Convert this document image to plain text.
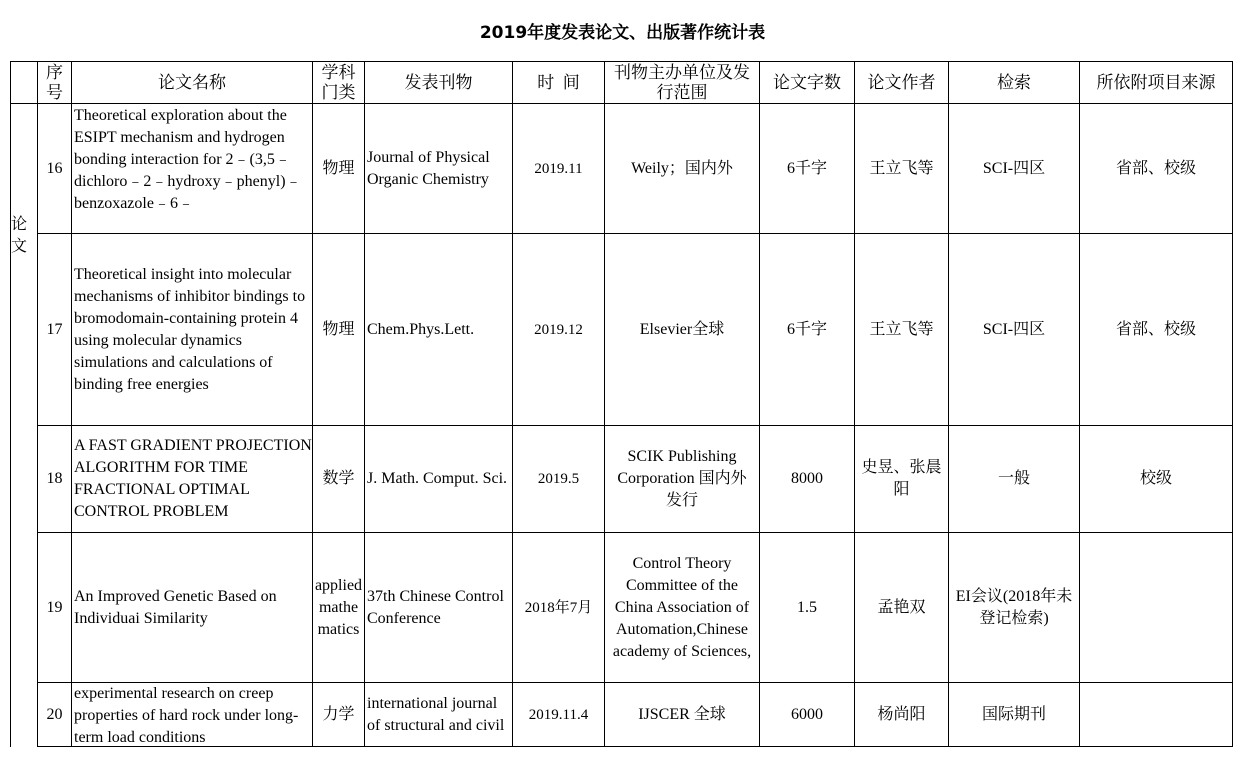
2019年度发表论文、出版著作统计表
	序号	论文名称	学科门类	发表刊物	时  间	刊物主办单位及发行范围	论文字数	论文作者	检索	所依附项目来源
论文	16	Theoretical exploration about the ESIPT mechanism and hydrogen bonding interaction for 2﹣(3,5﹣dichloro﹣2﹣hydroxy﹣phenyl)﹣benzoxazole﹣6﹣	物理	Journal of Physical Organic Chemistry	2019.11	Weily；国内外	6千字	王立飞等	SCI-四区	省部、校级
	17	Theoretical insight into molecular mechanisms of inhibitor bindings to bromodomain-containing protein 4 using molecular dynamics simulations and calculations of binding free energies	物理	Chem.Phys.Lett.	2019.12	Elsevier全球	6千字	王立飞等	SCI-四区	省部、校级
	18	A FAST GRADIENT PROJECTION ALGORITHM FOR TIME FRACTIONAL OPTIMAL CONTROL PROBLEM	数学	J. Math. Comput. Sci.	2019.5	SCIK Publishing Corporation 国内外发行	8000	史昱、张晨阳	一般	校级
	19	An Improved Genetic Based on Individuai Similarity	applied mathematics	37th Chinese Control Conference	2018年7月	Control Theory Committee of the China Association of Automation,Chinese academy of Sciences,	1.5	孟艳双	EI会议(2018年未登记检索)	
	20	experimental research on creep properties of hard rock under long-term load conditions	力学	international journal of structural and civil	2019.11.4	IJSCER 全球	6000	杨尚阳	国际期刊	
